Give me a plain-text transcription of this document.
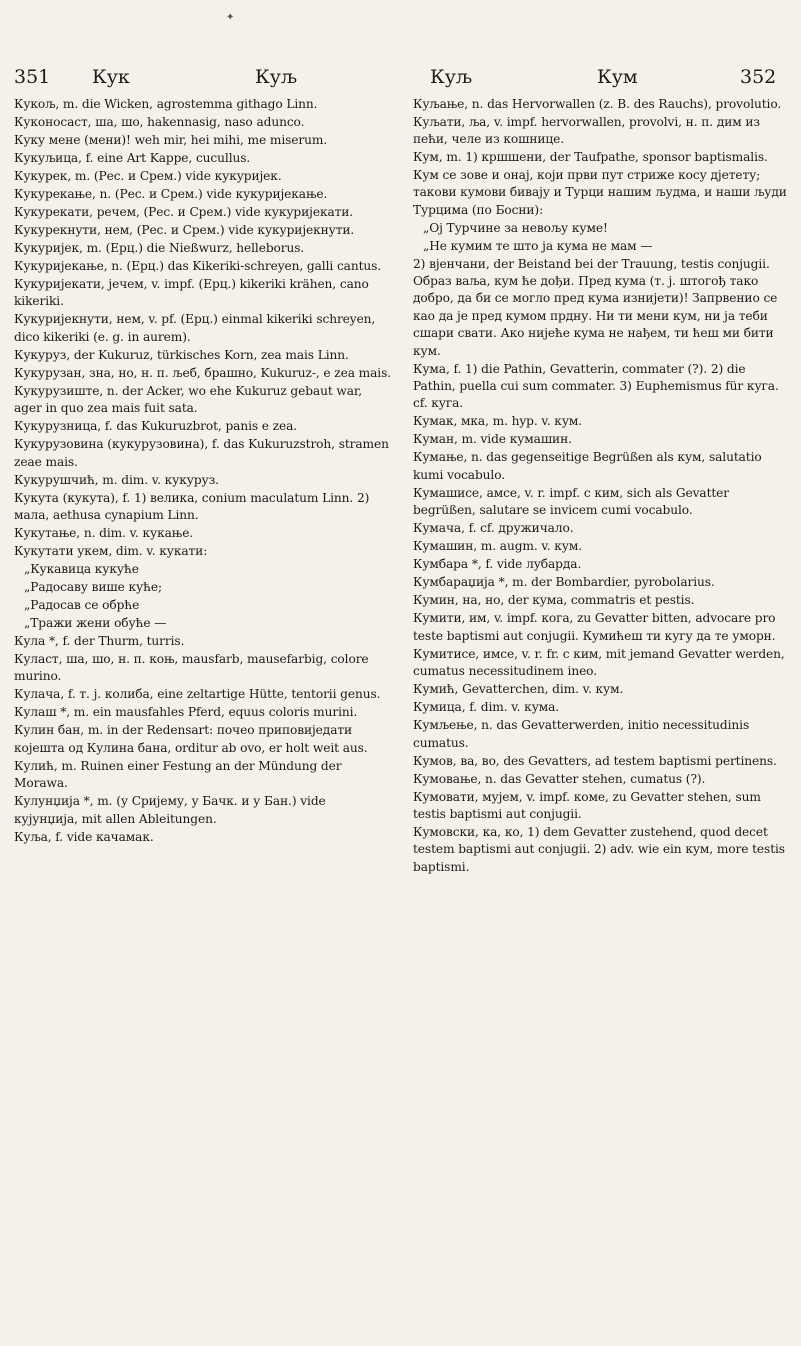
✦
351 Кук	Куљ	Куљ	Кум	352

Кукољ, m. die Wicken, agrostemma githago Linn.

Куконосаст, ша, шо, hakennasig, naso adunco.

Куку мене (мени)! weh mir, hei mihi, me miserum.

Кукуљица, f. eine Art Kappe, cucullus.

Кукурек, m. (Рес. и Срем.) vide кукуријек.

Кукурекање, n. (Рес. и Срем.) vide кукуријекање.

Кукурекати, речем, (Рес. и Срем.) vide кукуријекати.

Кукурекнути, нем, (Рес. и Срем.) vide кукуријекнути.

Кукуријек, m. (Ерц.) die Nießwurz, helleborus.

Кукуријекање, n. (Ерц.) das Kikeriki-schreyen, galli cantus.

Кукуријекати, јечем, v. impf. (Ерц.) kikeriki krähen, cano kikeriki.

Кукуријекнути, нем, v. pf. (Ерц.) einmal kikeriki schreyen, dico kikeriki (e. g. in aurem).

Кукуруз, der Kukuruz, türkisches Korn, zea mais Linn.

Кукурузан, зна, но, н. п. љеб, брашно, Kukuruz-, e zea mais.

Кукурузиште, n. der Acker, wo ehe Kukuruz gebaut war, ager in quo zea mais fuit sata.

Кукурузница, f. das Kukuruzbrot, panis e zea.

Кукурузовина (кукурузовина), f. das Kukuruzstroh, stramen zeae mais.

Кукурушчић, m. dim. v. кукуруз.

Кукута (кукута), f. 1) велика, conium maculatum Linn. 2) мала, aethusa cynapium Linn.

Кукутање, n. dim. v. кукање.

Кукутати укем, dim. v. кукати:

„Кукавица кукуће

„Радосаву више куће;

„Радосав се обрће

„Тражи жени обуће —

Кула *, f. der Thurm, turris.

Куласт, ша, шо, н. п. коњ, mausfarb, mausefarbig, colore murino.

Кулача, f. т. ј. колиба, eine zeltartige Hütte, tentorii genus.

Кулаш *, m. ein mausfahles Pferd, equus coloris murini.

Кулин бан, m. in der Redensart: почео приповиједати којешта од Кулина бана, orditur ab ovo, er holt weit aus.

Кулић, m. Ruinen einer Festung an der Mündung der Morawa.

Кулунџија *, m. (у Сријему, у Бачк. и у Бан.) vide кујунџија, mit allen Ableitungen.

Куља, f. vide качамак.

Куљање, n. das Hervorwallen (z. B. des Rauchs), provolutio.

Куљати, љa, v. impf. hervorwallen, provolvi, н. п. дим из пећи, челе из кошнице.

Кум, m. 1) кршшени, der Taufpathe, sponsor baptismalis. Кум се зове и онај, који први пут стриже косу дјетету; такови кумови бивају и Турци нашим људма, и наши људи Турцима (по Босни):

„Ој Турчине за невољу куме!

„Не кумим те што ја кума не мам —

2) вјенчани, der Beistand bei der Trauung, testis conjugii. Образ ваља, кум ће дођи. Пред кума (т. ј. штогођ тако добро, да би се могло пред кума изнијети)! Запрвенио се као да је пред кумом прдну. Ни ти мени кум, ни ја теби сшари свати. Ако нијеће кума не нађем, ти ћеш ми бити кум.

Кума, f. 1) die Pathin, Gevatterin, commater (?). 2) die Pathin, puella cui sum commater. 3) Euphemismus für куга. cf. куга.

Кумак, мка, m. hyp. v. кум.

Куман, m. vide кумашин.

Кумање, n. das gegenseitige Begrüßen als кум, salutatio kumi vocabulo.

Кумашисе, амсе, v. r. impf. с ким, sich als Gevatter begrüßen, salutare se invicem cumi vocabulo.

Кумача, f. cf. дружичало.

Кумашин, m. augm. v. кум.

Кумбара *, f. vide лубарда.

Кумбараџија *, m. der Bombardier, pyrobolarius.

Кумин, на, но, der кума, commatris et pestis.

Кумити, им, v. impf. кога, zu Gevatter bitten, advocare pro teste baptismi aut conjugii. Кумићеш ти кугу да те уморн.

Кумитисе, имсе, v. r. fr. с ким, mit jemand Gevatter werden, cumatus necessitudinem ineo.

Кумић, Gevatterchen, dim. v. кум.

Кумица, f. dim. v. кума.

Кумљење, n. das Gevatterwerden, initio necessitudinis cumatus.

Кумов, ва, во, des Gevatters, ad testem baptismi pertinens.

Кумовање, n. das Gevatter stehen, cumatus (?).

Кумовати, мујем, v. impf. коме, zu Gevatter stehen, sum testis baptismi aut conjugii.

Кумовски, ка, ко, 1) dem Gevatter zustehend, quod decet testem baptismi aut conjugii. 2) adv. wie ein кум, more testis baptismi.
